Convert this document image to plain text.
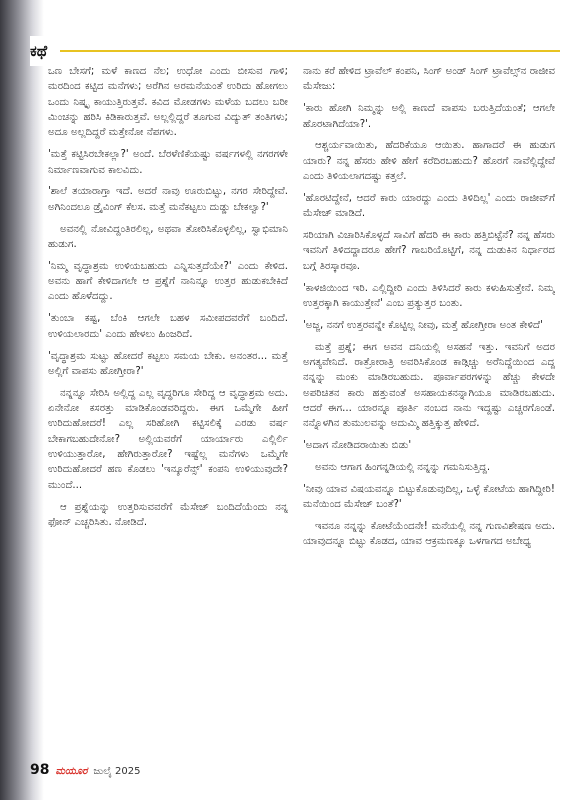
ಕಥೆ

ಒಣ ಬೇಸಗೆ; ಮಳೆ ಕಾಣದ ನೆಲ; ಉಧೋ ಎಂದು ಬೀಸುವ ಗಾಳಿ; ಮರದಿಂದ ಕಟ್ಟಿದ ಮನೆಗಳು; ಅರೆಗಿನ ಅರಮನೆಯಂತೆ ಉರಿದು ಹೋಗಲು ಒಂದು ನಿಷ್ಕೃ ಕಾಯುತ್ತಿರುತ್ತವೆ. ಕವಿದ ಮೋಡಗಳು ಮಳೆಯ ಬದಲು ಬರೀ ಮಿಂಚನ್ನು ಹರಿಸಿ ಕಿಡಿಕಾರುತ್ತವೆ. ಅಲ್ಲಲ್ಲಿದ್ದರೆ ತೂಗುವ ವಿದ್ಯುತ್ ತಂತಿಗಳು; ಅದೂ ಅಲ್ಲದಿದ್ದರೆ ಮತ್ತೇನೋ ನೆಪಗಳು.

'ಮತ್ತೆ ಕಟ್ಟಿಸಿರಬೇಕಲ್ಲಾ?' ಅಂದೆ. ಬೆರಳೆಣಿಕೆಯಷ್ಟು ವರ್ಷಗಳಲ್ಲಿ ನಗರಗಳೇ ನಿರ್ಮಾಣವಾಗುವ ಕಾಲವಿದು.

'ಶಾಲೆ ತಯಾರಾಗ್ತಾ ಇದೆ. ಅದರೆ ನಾವು ಊರುಬಿಟ್ಟು, ನಗರ ಸೇರಿದ್ದೇವೆ. ಅಗಿನಿಂದಲೂ ಡ್ರೈವಿಂಗ್ ಕೆಲಸ. ಮತ್ತೆ ಮನೆಕಟ್ಟಲು ದುಡ್ಡು ಬೇಕಲ್ವಾ?'

ಅವನಲ್ಲಿ ನೋವಿದ್ದಂತಿರಲಿಲ್ಲ, ಅಥವಾ ತೋರಿಸಿಕೊಳ್ಳಲಿಲ್ಲ, ಸ್ವಾಭಿಮಾನಿ ಹುಡುಗ.

'ನಿಮ್ಮ ವೃದ್ಧಾಶ್ರಮ ಉಳಿಯಬಹುದು ಎನ್ನಿಸುತ್ತದೆಯೇ?' ಎಂದು ಕೇಳಿದ. ಅವನು ಹಾಗೆ ಕೇಳಿದಾಗಲೇ ಆ ಪ್ರಶ್ನೆಗೆ ನಾನಿನ್ನೂ ಉತ್ತರ ಹುಡುಕಬೇಕಿದೆ ಎಂದು ಹೊಳೆದದ್ದು.

'ತುಂಬಾ ಕಷ್ಟ, ಬೆಂಕಿ ಆಗಲೇ ಬಹಳ ಸಮೀಪದವರೆಗೆ ಬಂದಿದೆ. ಉಳಿಯಲಾರದು' ಎಂದು ಹೇಳಲು ಹಿಂಜರಿದೆ.

'ವೃದ್ಧಾಶ್ರಮ ಸುಟ್ಟು ಹೋದರೆ ಕಟ್ಟಲು ಸಮಯ ಬೇಕು. ಅನಂತರ... ಮತ್ತೆ ಅಲ್ಲಿಗೆ ವಾಪಸು ಹೋಗ್ತೀರಾ?'

ನನ್ನನ್ನೂ ಸೇರಿಸಿ ಅಲ್ಲಿದ್ದ ಎಲ್ಲ ವೃದ್ಧರಿಗೂ ಸೇರಿದ್ದ ಆ ವೃದ್ಧಾಶ್ರಮ ಅದು. ಏನೇನೋ ಕಸರತ್ತು ಮಾಡಿಕೊಂಡವರಿದ್ದರು. ಈಗ ಒಮ್ಮೆಗೇ ಹೀಗೆ ಉರಿದುಹೋದರೆ! ಎಲ್ಲ ಸರಿಹೋಗಿ ಕಟ್ಟಿಸಲಿಕ್ಕೆ ಎರಡು ವರ್ಷ ಬೇಕಾಗಬಹುದೇನೋ? ಅಲ್ಲಿಯವರೆಗೆ ಯಾರ್ಯಾರು ಎಲ್ಲಿರ್ಲಿ ಉಳಿಯುತ್ತಾರೋ, ಹೇಗಿರುತ್ತಾರೋ? ಇಷ್ಟೆಲ್ಲ ಮನೆಗಳು ಒಮ್ಮೆಗೇ ಉರಿದುಹೋದರೆ ಹಣ ಕೊಡಲು 'ಇನ್ಶೂರೆನ್ಸ್' ಕಂಪನಿ ಉಳಿಯುವುದೇ? ಮುಂದೆ...

ಆ ಪ್ರಶ್ನೆಯನ್ನು ಉತ್ತರಿಸುವವರೆಗೆ ಮೆಸೇಜ್ ಬಂದಿದೆಯೆಂದು ನನ್ನ ಫೋನ್ ಎಚ್ಚರಿಸಿತು. ನೋಡಿದೆ.

ನಾನು ಕರೆ ಹೇಳಿದ ಟ್ರಾವೆಲ್ ಕಂಪನಿ, ಸಿಂಗ್ ಅಂಡ್ ಸಿಂಗ್ ಟ್ರಾವೆಲ್ಸ್‌ನ ರಾಜೀವ ಮೆಸೇಜು:

'ಕಾರು ಹೋಗಿ ನಿಮ್ಮನ್ನು ಅಲ್ಲಿ ಕಾಣದೆ ವಾಪಸು ಬರುತ್ತಿದೆಯಂತೆ; ಆಗಲೇ ಹೊರಟಾಗಿದೆಯಾ?'.

ಆಶ್ಚರ್ಯವಾಯಿತು, ಹೆದರಿಕೆಯೂ ಆಯಿತು. ಹಾಗಾದರೆ ಈ ಹುಡುಗ ಯಾರು? ನನ್ನ ಹೆಸರು ಹೇಳಿ ಹೇಗೆ ಕರೆದಿರಬಹುದು? ಹೊರಗೆ ನಾವೆಲ್ಲಿದ್ದೇವೆ ಎಂದು ತಿಳಿಯಲಾಗದಷ್ಟು ಕತ್ತಲೆ.

'ಹೊರಟಿದ್ದೇನೆ, ಆದರೆ ಕಾರು ಯಾರದ್ದು ಎಂದು ತಿಳಿದಿಲ್ಲ' ಎಂದು ರಾಜೀವ್‌ಗೆ ಮೆಸೇಜ್ ಮಾಡಿದೆ.

ಸರಿಯಾಗಿ ವಿಚಾರಿಸಿಕೊಳ್ಳದೆ ಸಾವಿಗೆ ಹೆದರಿ ಈ ಕಾರು ಹತ್ತಿಬಿಟ್ಟೆನೆ? ನನ್ನ ಹೆಸರು ಇವನಿಗೆ ತಿಳಿದದ್ದಾದರೂ ಹೇಗೆ? ಗಾಬರಿಯೊಟ್ಟಿಗೆ, ನನ್ನ ದುಡುಕಿನ ನಿರ್ಧಾರದ ಬಗ್ಗೆ ತಿರಸ್ಕಾರವೂ.

'ಕಾಳಜಿಯಿಂದ ಇರಿ. ಎಲ್ಲಿದ್ದೀರಿ ಎಂದು ತಿಳಿಸಿದರೆ ಕಾರು ಕಳುಹಿಸುತ್ತೇನೆ. ನಿಮ್ಮ ಉತ್ತರಕ್ಕಾಗಿ ಕಾಯುತ್ತೇನೆ' ಎಂಬ ಪ್ರತ್ಯುತ್ತರ ಬಂತು.

'ಅಜ್ಜ, ನನಗೆ ಉತ್ತರವನ್ನೇ ಕೊಟ್ಟಿಲ್ಲ ನೀವು, ಮತ್ತೆ ಹೋಗ್ತೀರಾ ಅಂತ ಕೇಳಿದೆ'

ಮತ್ತೆ ಪ್ರಶ್ನೆ; ಈಗ ಅವನ ದನಿಯಲ್ಲಿ ಅಸಹನೆ ಇತ್ತು. ಇವನಿಗೆ ಅದರ ಅಗತ್ಯವೇನಿದೆ. ರಾತ್ರೋರಾತ್ರಿ ಅವರಿಸಿಕೊಂಡ ಕಾಡ್ಗಿಚ್ಚು ಅರೆನಿದ್ದೆಯಿಂದ ಎದ್ದ ನನ್ನನ್ನು ಮಂಕು ಮಾಡಿರಬಹುದು. ಪೂರ್ವಾಪರಗಳನ್ನು ಹೆಚ್ಚು ಕೇಳದೇ ಅಪರಿಚಿತನ ಕಾರು ಹತ್ತುವಂತೆ ಅಸಹಾಯಕನನ್ನಾಗಿಯೂ ಮಾಡಿರಬಹುದು. ಆದರೆ ಈಗ... ಯಾರನ್ನೂ ಪೂರ್ತಿ ನಂಬದ ನಾನು ಇದ್ದಷ್ಟು ಎಚ್ಚರಗೊಂಡೆ. ನನ್ನೊಳಗಿನ ತುಮುಲವನ್ನು ಅದುಮ್ಮಿ ಹತ್ತಿಕ್ಕುತ್ತ ಹೇಳಿದೆ.

'ಅದಾಗ ನೋಡಿದರಾಯಿತು ಬಿಡು'

ಅವನು ಆಗಾಗ ಹಿಂಗನ್ನಡಿಯಲ್ಲಿ ನನ್ನನ್ನು ಗಮನಿಸುತ್ತಿದ್ದ.

'ನೀವು ಯಾವ ವಿಷಯವನ್ನೂ ಬಿಟ್ಟುಕೊಡುವುದಿಲ್ಲ, ಒಳ್ಳೆ ಕೋಟೆಯ ಹಾಗಿದ್ದೀರಿ! ಮನೆಯಿಂದ ಮೆಸೇಜ್ ಬಂತೆ?'

ಇವನೂ ನನ್ನನ್ನು ಕೋಟೆಯೆಂದನೇ! ಮನೆಯಲ್ಲಿ ನನ್ನ ಗುಣವಿಶೇಷಣ ಅದು. ಯಾವುದನ್ನೂ ಬಿಟ್ಟು ಕೊಡದ, ಯಾವ ಆಕ್ರಮಣಕ್ಕೂ ಒಳಗಾಗದ ಅಬೇಧ್ಯ

98 ಮಯೂರ ಜುಲೈ 2025
